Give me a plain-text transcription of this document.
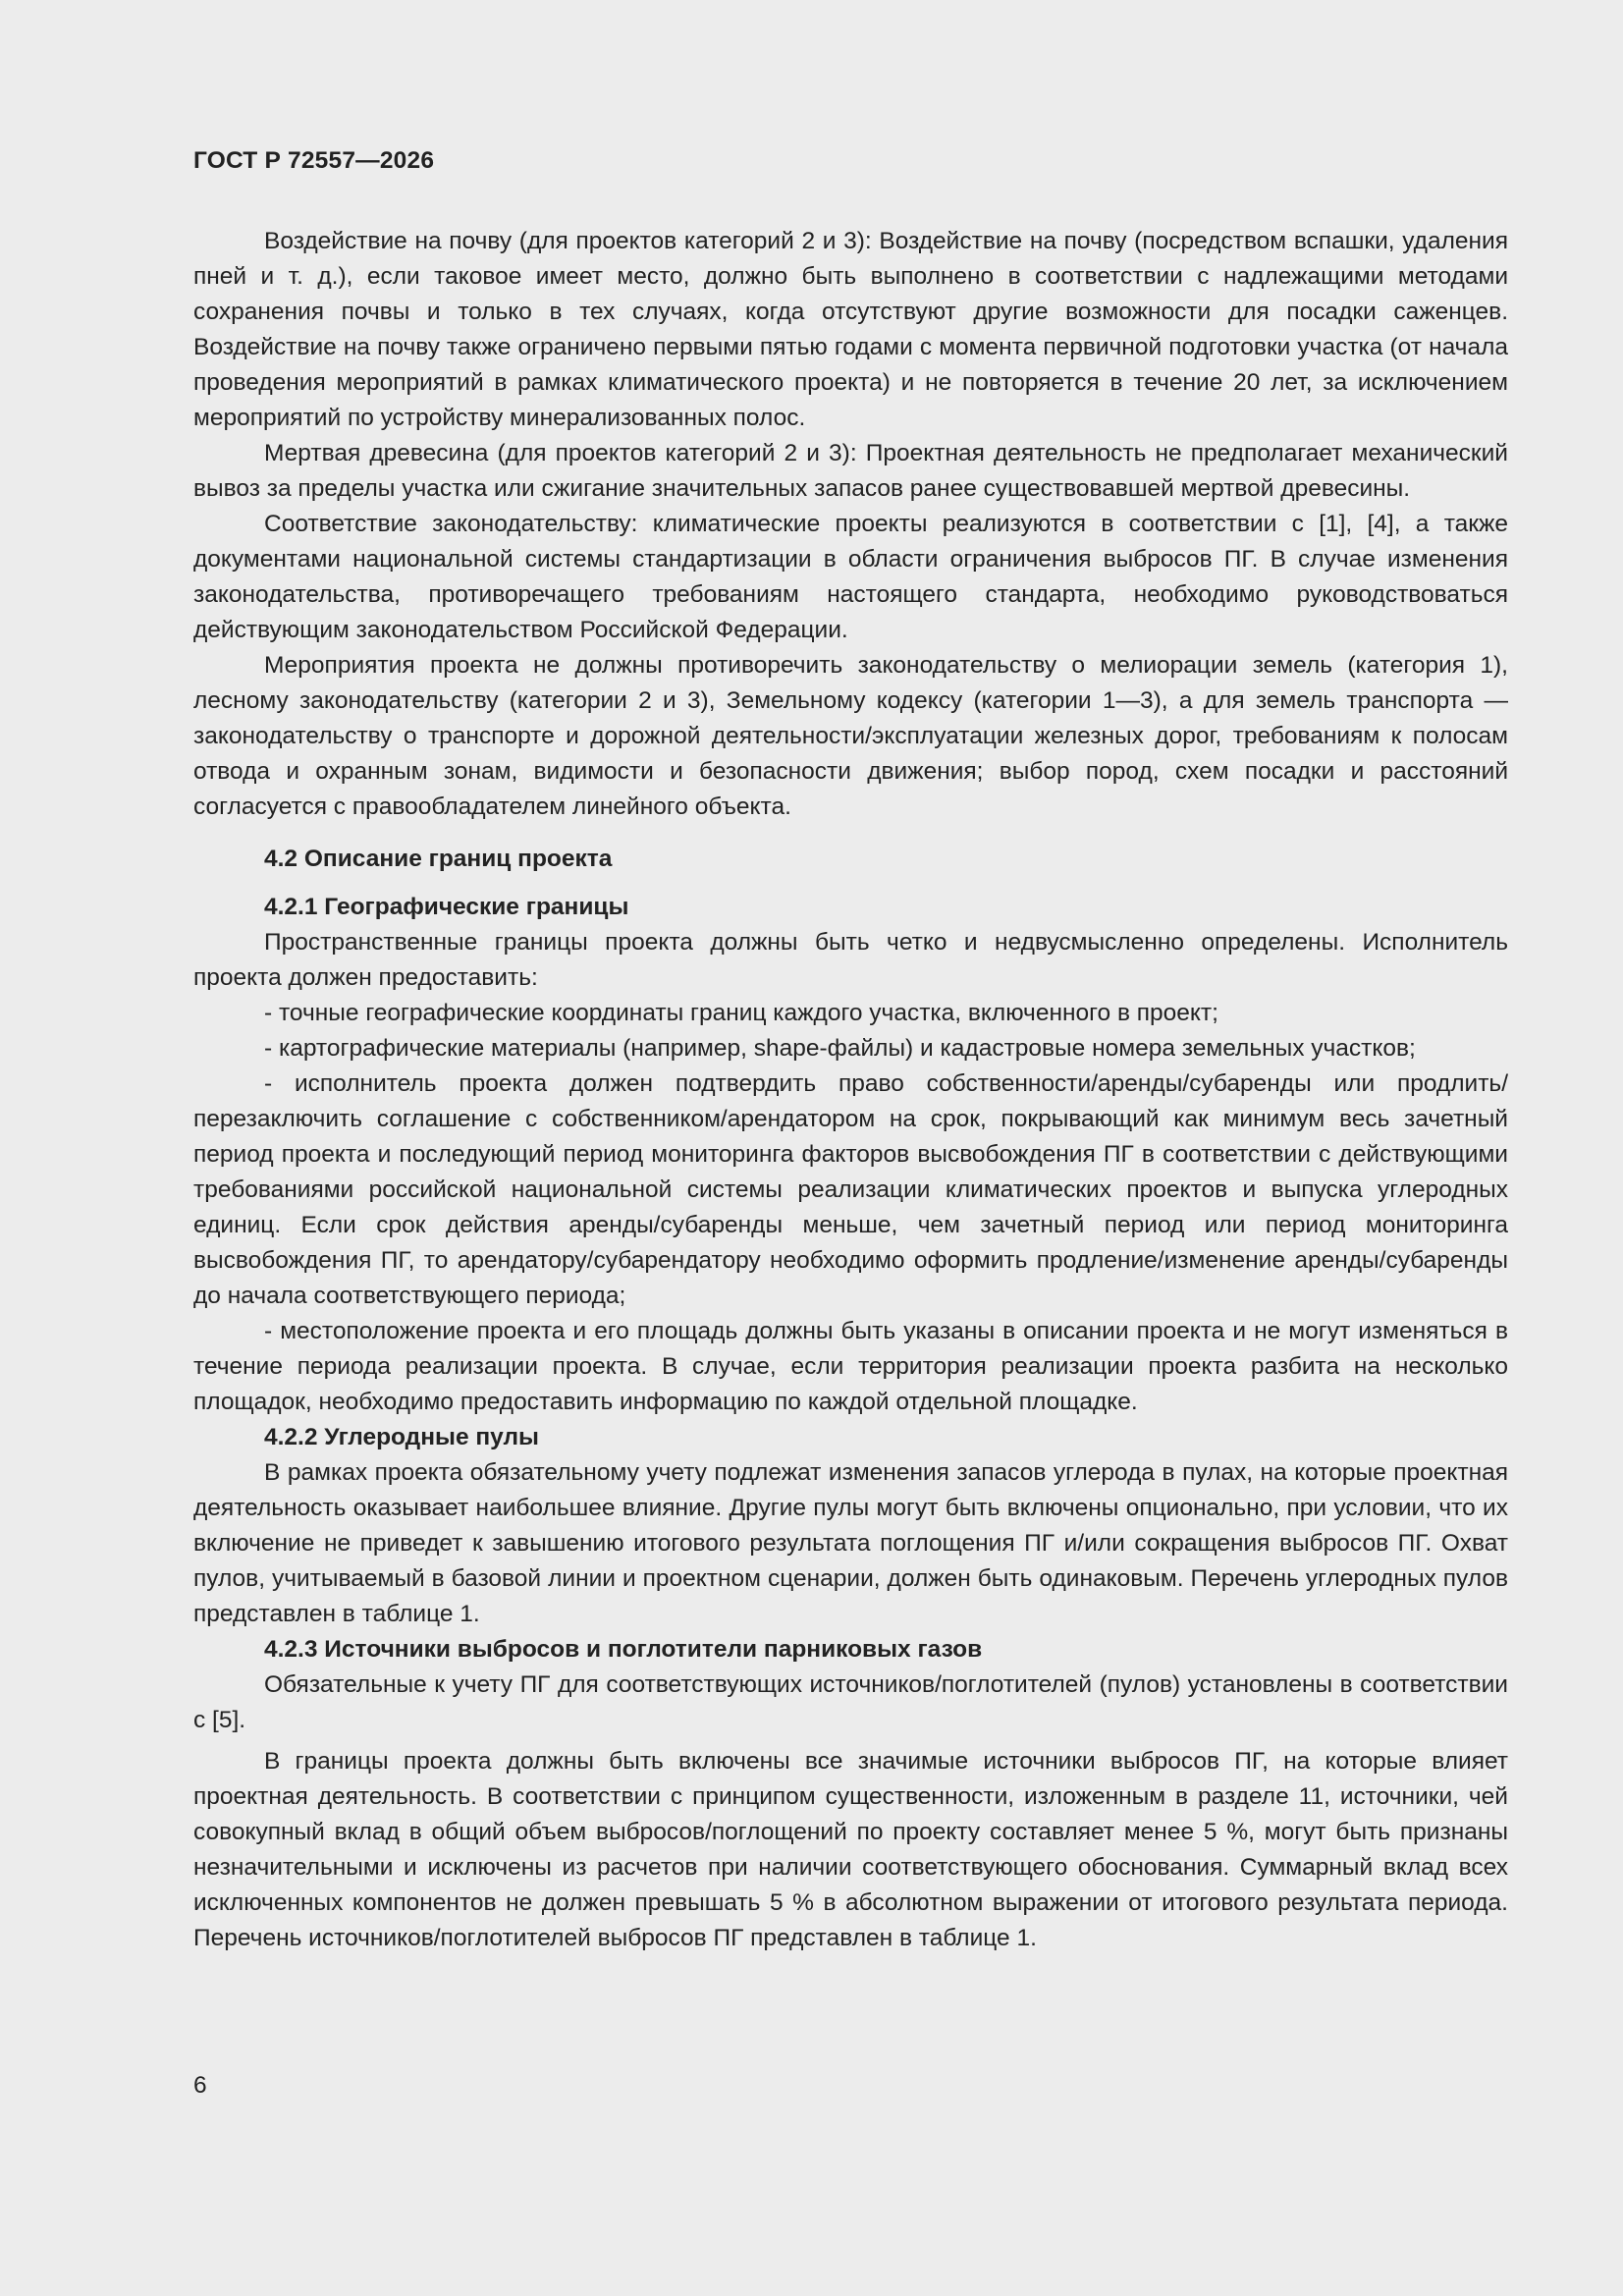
ГОСТ Р 72557—2026

Воздействие на почву (для проектов категорий 2 и 3): Воздействие на почву (посредством вспашки, удаления пней и т. д.), если таковое имеет место, должно быть выполнено в соответствии с надлежащими методами сохранения почвы и только в тех случаях, когда отсутствуют другие возможности для посадки саженцев. Воздействие на почву также ограничено первыми пятью годами с момента первичной подготовки участка (от начала проведения мероприятий в рамках климатического проекта) и не повторяется в течение 20 лет, за исключением мероприятий по устройству минерализованных полос.

Мертвая древесина (для проектов категорий 2 и 3): Проектная деятельность не предполагает механический вывоз за пределы участка или сжигание значительных запасов ранее существовавшей мертвой древесины.

Соответствие законодательству: климатические проекты реализуются в соответствии с [1], [4], а также документами национальной системы стандартизации в области ограничения выбросов ПГ. В случае изменения законодательства, противоречащего требованиям настоящего стандарта, необходимо руководствоваться действующим законодательством Российской Федерации.

Мероприятия проекта не должны противоречить законодательству о мелиорации земель (категория 1), лесному законодательству (категории 2 и 3), Земельному кодексу (категории 1—3), а для земель транспорта — законодательству о транспорте и дорожной деятельности/эксплуатации железных дорог, требованиям к полосам отвода и охранным зонам, видимости и безопасности движения; выбор пород, схем посадки и расстояний согласуется с правообладателем линейного объекта.

4.2 Описание границ проекта
4.2.1 Географические границы

Пространственные границы проекта должны быть четко и недвусмысленно определены. Исполнитель проекта должен предоставить:

- точные географические координаты границ каждого участка, включенного в проект;

- картографические материалы (например, shape-файлы) и кадастровые номера земельных участков;

- исполнитель проекта должен подтвердить право собственности/аренды/субаренды или продлить/перезаключить соглашение с собственником/арендатором на срок, покрывающий как минимум весь зачетный период проекта и последующий период мониторинга факторов высвобождения ПГ в соответствии с действующими требованиями российской национальной системы реализации климатических проектов и выпуска углеродных единиц. Если срок действия аренды/субаренды меньше, чем зачетный период или период мониторинга высвобождения ПГ, то арендатору/субарендатору необходимо оформить продление/изменение аренды/субаренды до начала соответствующего периода;

- местоположение проекта и его площадь должны быть указаны в описании проекта и не могут изменяться в течение периода реализации проекта. В случае, если территория реализации проекта разбита на несколько площадок, необходимо предоставить информацию по каждой отдельной площадке.

4.2.2 Углеродные пулы

В рамках проекта обязательному учету подлежат изменения запасов углерода в пулах, на которые проектная деятельность оказывает наибольшее влияние. Другие пулы могут быть включены опционально, при условии, что их включение не приведет к завышению итогового результата поглощения ПГ и/или сокращения выбросов ПГ. Охват пулов, учитываемый в базовой линии и проектном сценарии, должен быть одинаковым. Перечень углеродных пулов представлен в таблице 1.

4.2.3 Источники выбросов и поглотители парниковых газов

Обязательные к учету ПГ для соответствующих источников/поглотителей (пулов) установлены в соответствии с [5].

В границы проекта должны быть включены все значимые источники выбросов ПГ, на которые влияет проектная деятельность. В соответствии с принципом существенности, изложенным в разделе 11, источники, чей совокупный вклад в общий объем выбросов/поглощений по проекту составляет менее 5 %, могут быть признаны незначительными и исключены из расчетов при наличии соответствующего обоснования. Суммарный вклад всех исключенных компонентов не должен превышать 5 % в абсолютном выражении от итогового результата периода. Перечень источников/поглотителей выбросов ПГ представлен в таблице 1.

6
